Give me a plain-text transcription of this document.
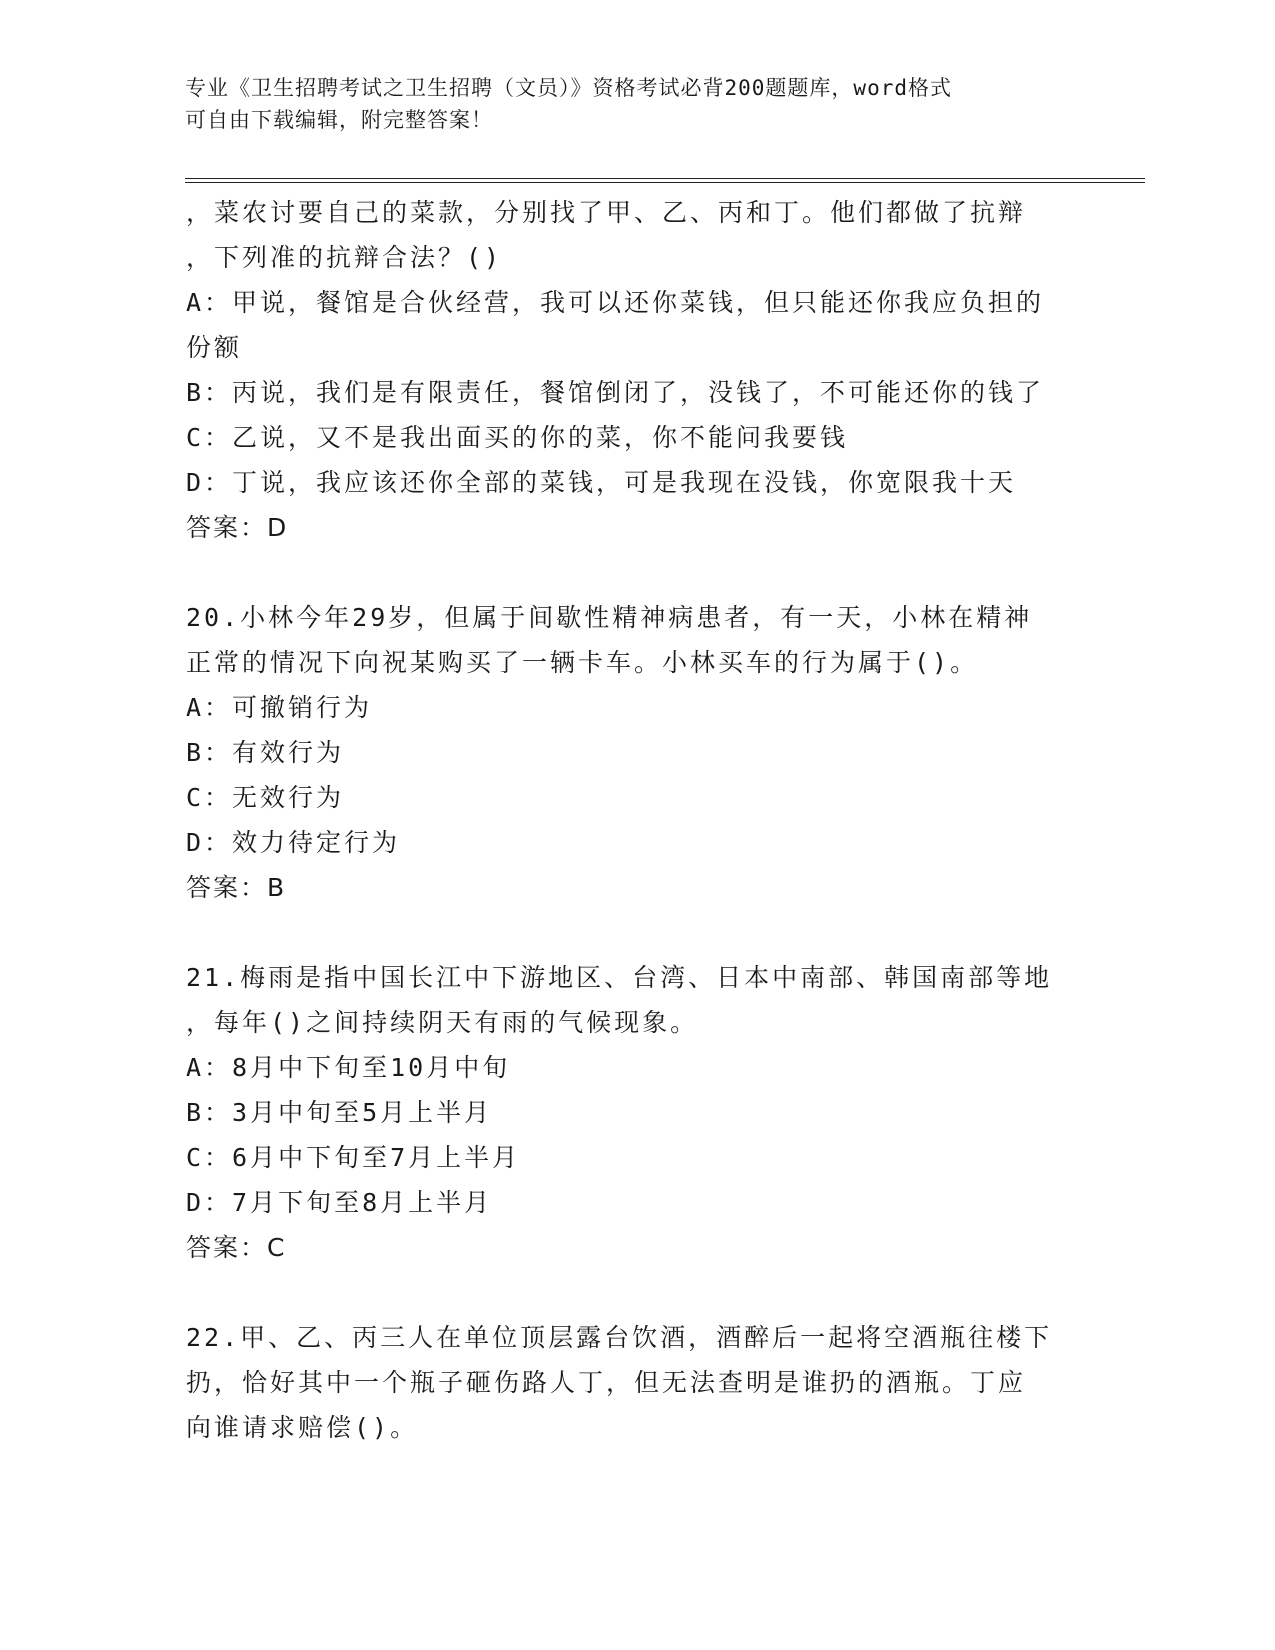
专业《卫生招聘考试之卫生招聘（文员）》资格考试必背200题题库，word格式
可自由下载编辑，附完整答案！
，菜农讨要自己的菜款，分别找了甲、乙、丙和丁。他们都做了抗辩
，下列准的抗辩合法？()
A：甲说，餐馆是合伙经营，我可以还你菜钱，但只能还你我应负担的
份额
B：丙说，我们是有限责任，餐馆倒闭了，没钱了，不可能还你的钱了
C：乙说，又不是我出面买的你的菜，你不能问我要钱
D：丁说，我应该还你全部的菜钱，可是我现在没钱，你宽限我十天
答案：D
20.小林今年29岁，但属于间歇性精神病患者，有一天，小林在精神
正常的情况下向祝某购买了一辆卡车。小林买车的行为属于()。
A：可撤销行为
B：有效行为
C：无效行为
D：效力待定行为
答案：B
21.梅雨是指中国长江中下游地区、台湾、日本中南部、韩国南部等地
，每年()之间持续阴天有雨的气候现象。
A：8月中下旬至10月中旬
B：3月中旬至5月上半月
C：6月中下旬至7月上半月
D：7月下旬至8月上半月
答案：C
22.甲、乙、丙三人在单位顶层露台饮酒，酒醉后一起将空酒瓶往楼下
扔，恰好其中一个瓶子砸伤路人丁，但无法查明是谁扔的酒瓶。丁应
向谁请求赔偿()。
